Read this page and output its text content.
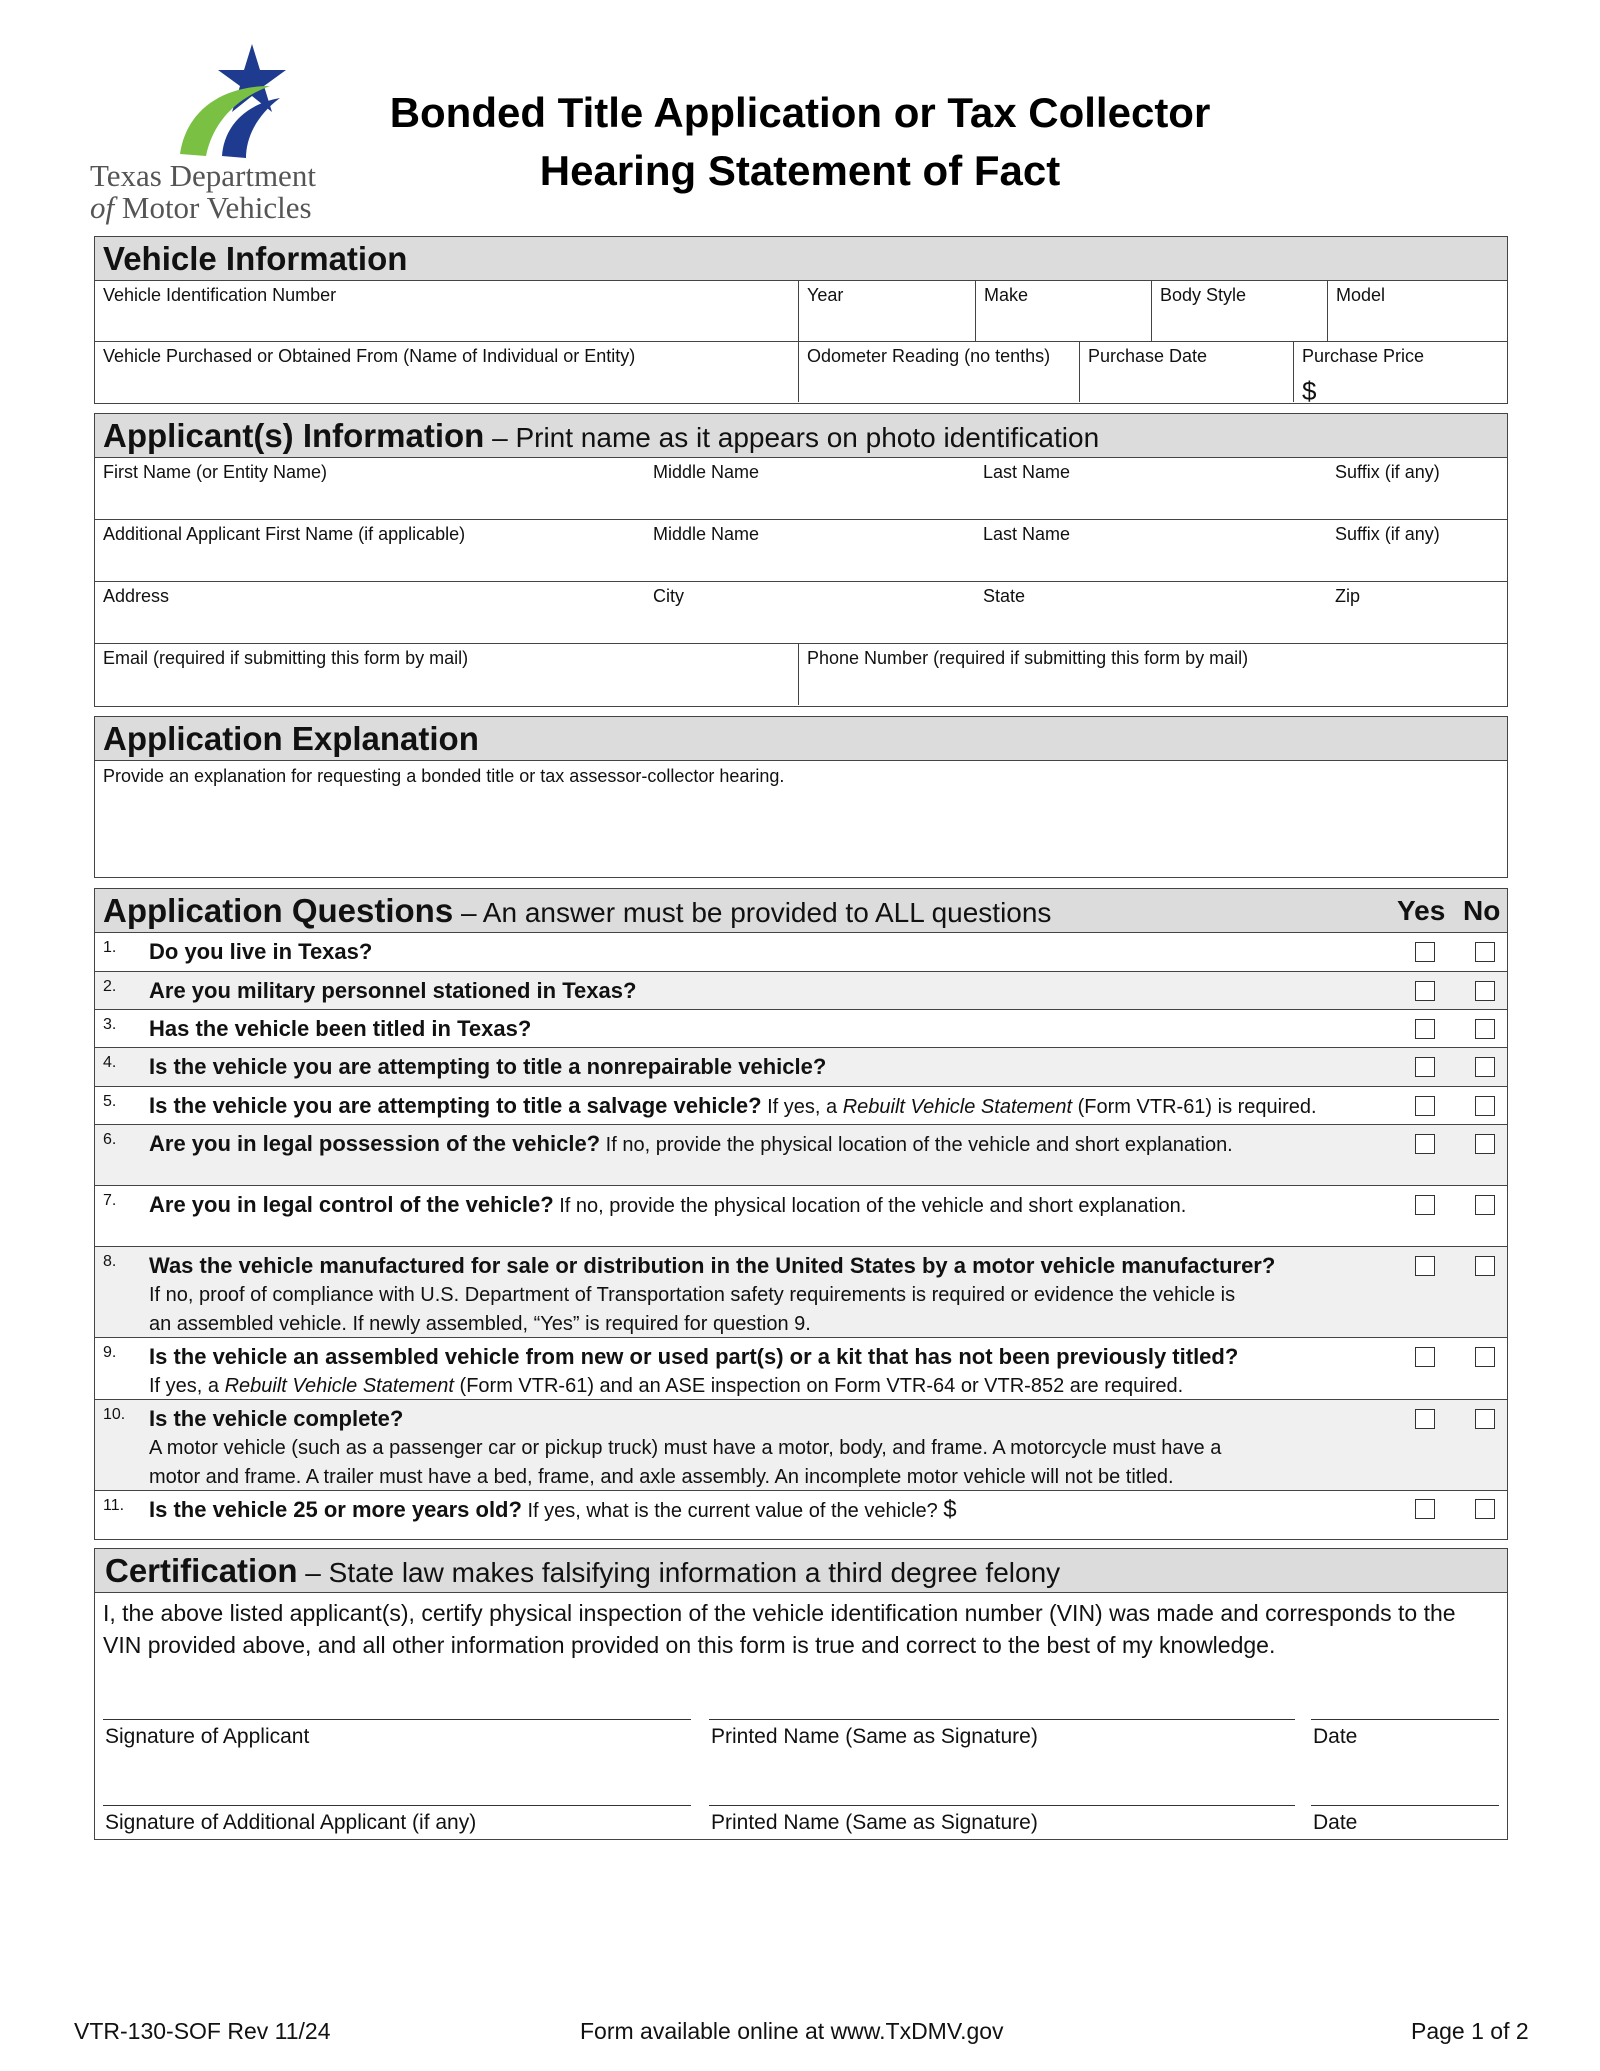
Texas Department
of Motor Vehicles
Bonded Title Application or Tax Collector
Hearing Statement of Fact
Vehicle Information
Vehicle Identification Number	Year	Make	Body Style	Model
Vehicle Purchased or Obtained From (Name of Individual or Entity)	Odometer Reading (no tenths)	Purchase Date	Purchase Price
$
Applicant(s) Information – Print name as it appears on photo identification
First Name (or Entity Name)	Middle Name	Last Name	Suffix (if any)
Additional Applicant First Name (if applicable)	Middle Name	Last Name	Suffix (if any)
Address	City	State	Zip
Email (required if submitting this form by mail)	Phone Number (required if submitting this form by mail)
Application Explanation
Provide an explanation for requesting a bonded title or tax assessor-collector hearing.
Application Questions – An answer must be provided to ALL questions	Yes No
1. Do you live in Texas?
2. Are you military personnel stationed in Texas?
3. Has the vehicle been titled in Texas?
4. Is the vehicle you are attempting to title a nonrepairable vehicle?
5. Is the vehicle you are attempting to title a salvage vehicle? If yes, a Rebuilt Vehicle Statement (Form VTR-61) is required.
6. Are you in legal possession of the vehicle? If no, provide the physical location of the vehicle and short explanation.
7. Are you in legal control of the vehicle? If no, provide the physical location of the vehicle and short explanation.
8. Was the vehicle manufactured for sale or distribution in the United States by a motor vehicle manufacturer?
If no, proof of compliance with U.S. Department of Transportation safety requirements is required or evidence the vehicle is
an assembled vehicle. If newly assembled, “Yes” is required for question 9.
9. Is the vehicle an assembled vehicle from new or used part(s) or a kit that has not been previously titled?
If yes, a Rebuilt Vehicle Statement (Form VTR-61) and an ASE inspection on Form VTR-64 or VTR-852 are required.
10. Is the vehicle complete?
A motor vehicle (such as a passenger car or pickup truck) must have a motor, body, and frame. A motorcycle must have a
motor and frame. A trailer must have a bed, frame, and axle assembly. An incomplete motor vehicle will not be titled.
11. Is the vehicle 25 or more years old? If yes, what is the current value of the vehicle? $
Certification – State law makes falsifying information a third degree felony
I, the above listed applicant(s), certify physical inspection of the vehicle identification number (VIN) was made and corresponds to the VIN provided above, and all other information provided on this form is true and correct to the best of my knowledge.
Signature of Applicant	Printed Name (Same as Signature)	Date
Signature of Additional Applicant (if any)	Printed Name (Same as Signature)	Date
VTR-130-SOF Rev 11/24	Form available online at www.TxDMV.gov	Page 1 of 2
